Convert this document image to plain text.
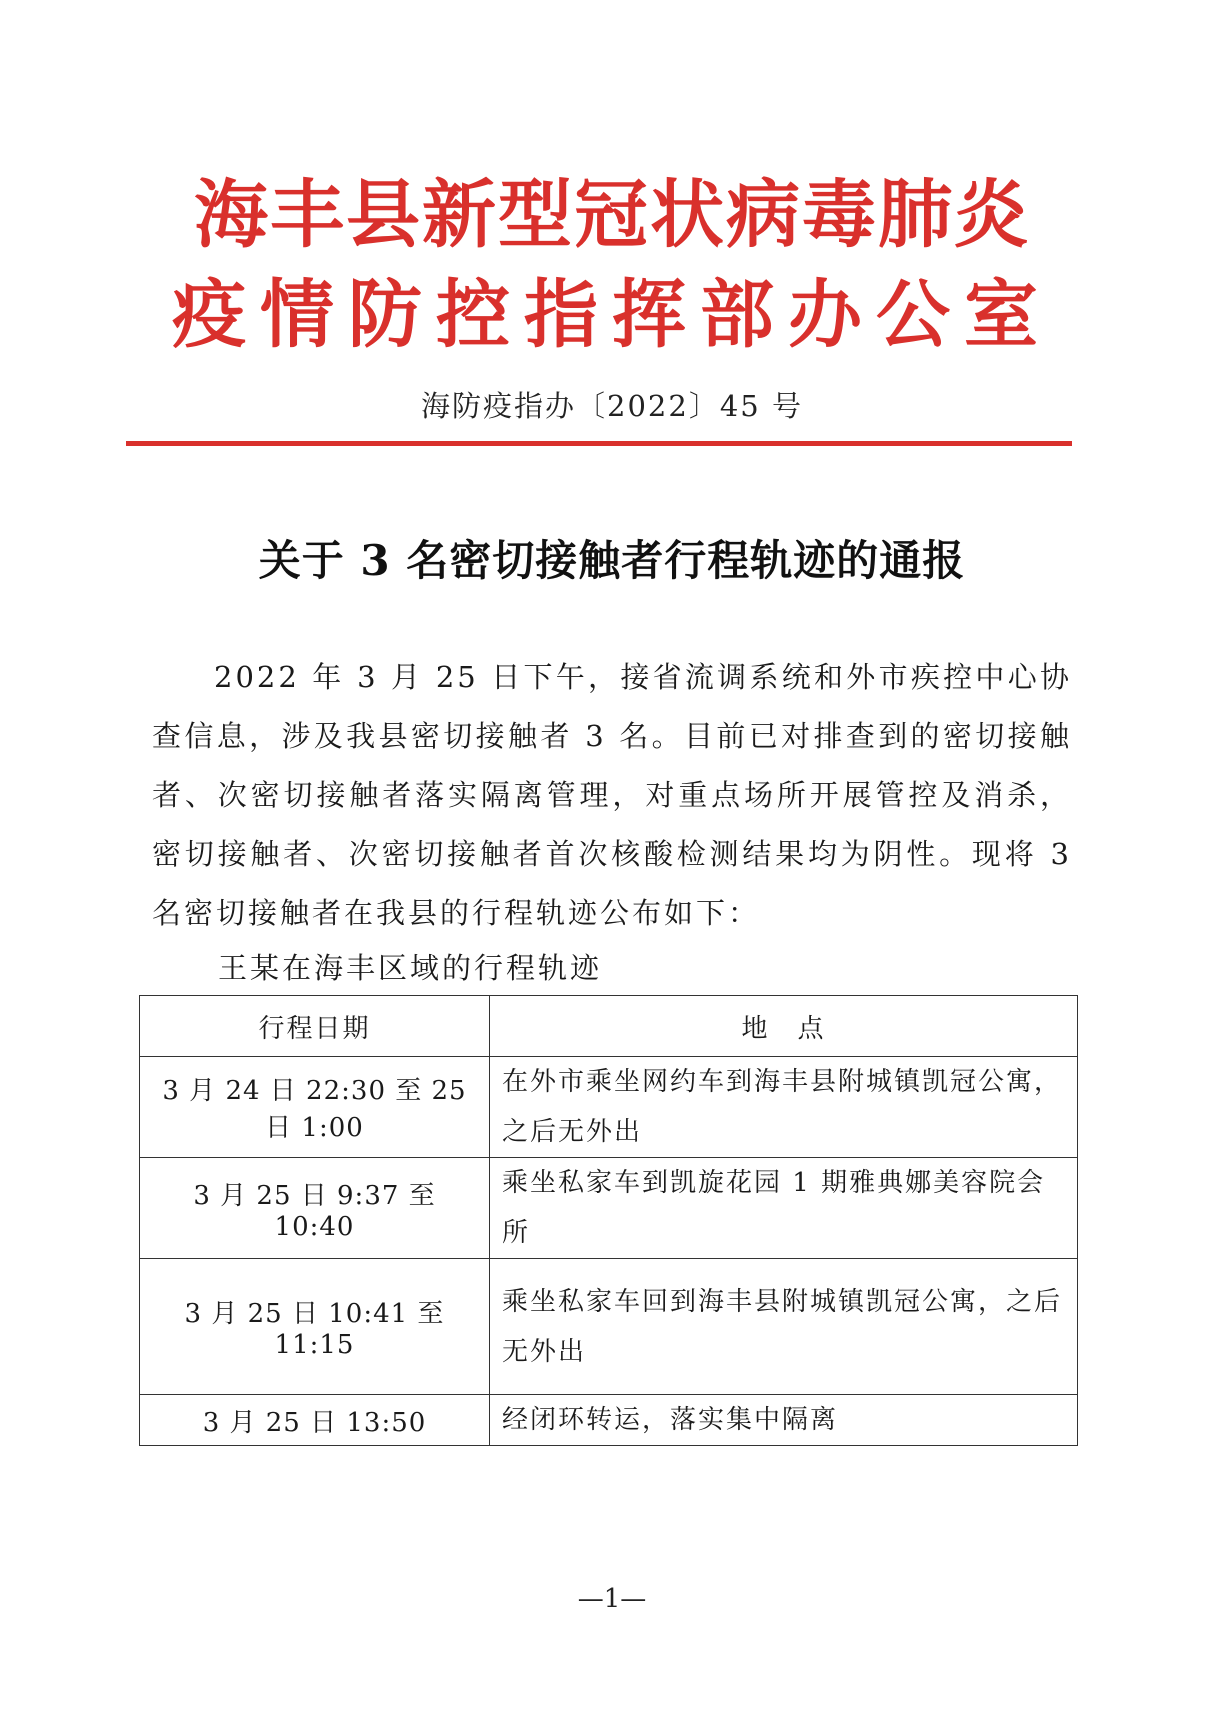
海丰县新型冠状病毒肺炎
疫情防控指挥部办公室
海防疫指办〔2022〕45 号
关于 3 名密切接触者行程轨迹的通报

2022 年 3 月 25 日下午，接省流调系统和外市疾控中心协查信息，涉及我县密切接触者 3 名。目前已对排查到的密切接触者、次密切接触者落实隔离管理，对重点场所开展管控及消杀，密切接触者、次密切接触者首次核酸检测结果均为阴性。现将 3 名密切接触者在我县的行程轨迹公布如下：

王某在海丰区域的行程轨迹
行程日期	地　点
3 月 24 日 22:30 至 25 日 1:00	在外市乘坐网约车到海丰县附城镇凯冠公寓，之后无外出
3 月 25 日 9:37 至 10:40	乘坐私家车到凯旋花园 1 期雅典娜美容院会所
3 月 25 日 10:41 至 11:15	乘坐私家车回到海丰县附城镇凯冠公寓，之后无外出
3 月 25 日 13:50	经闭环转运，落实集中隔离
—1—
